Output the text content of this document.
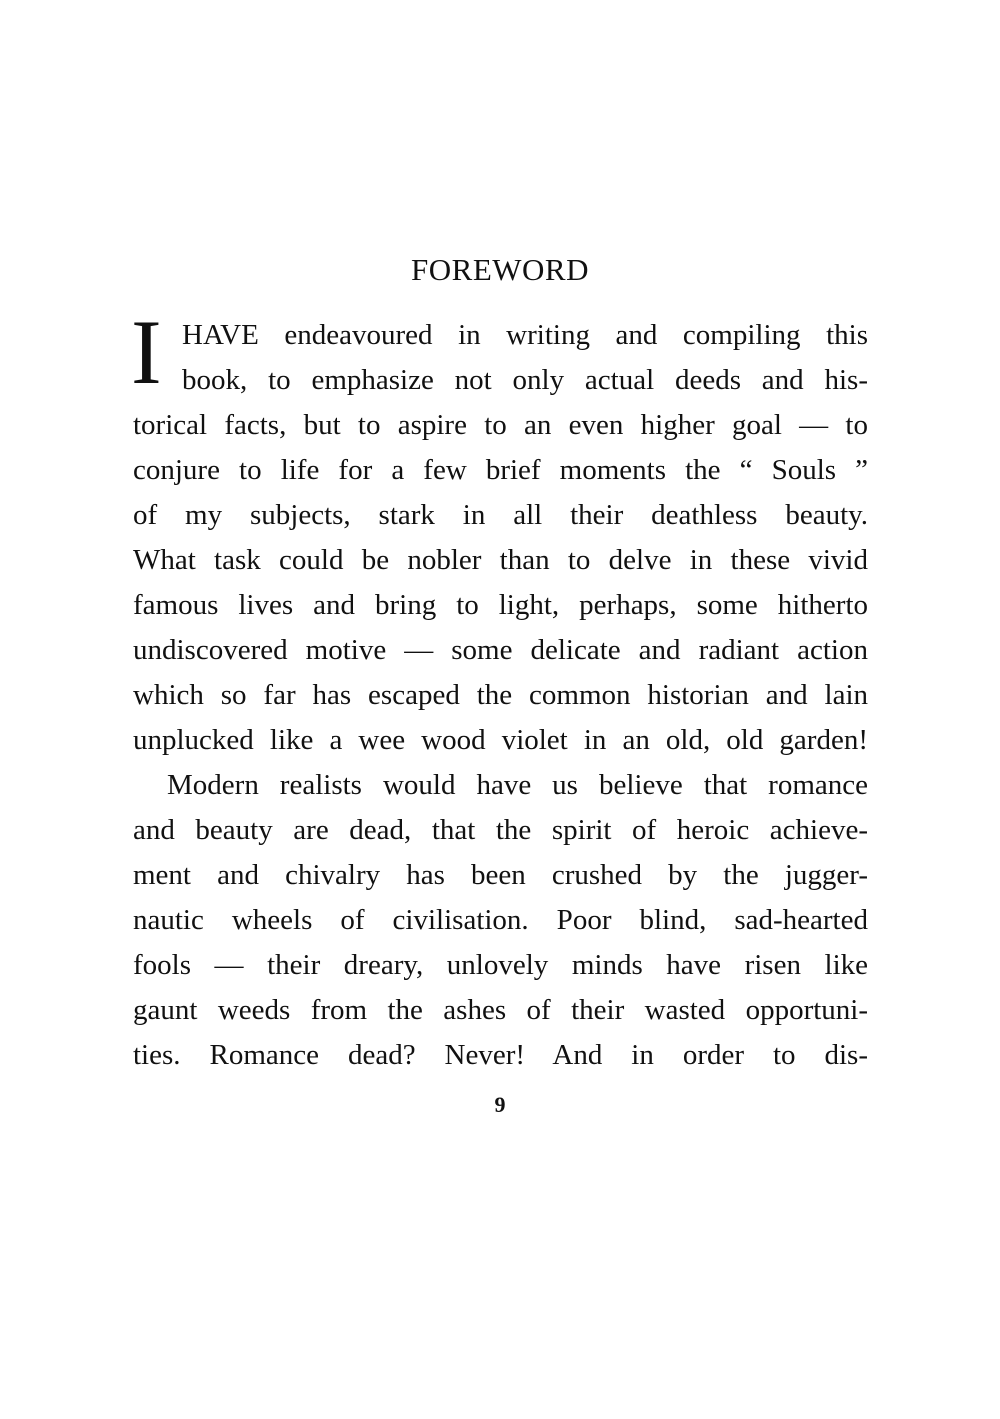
FOREWORD
I HAVE endeavoured in writing and compiling this
book, to emphasize not only actual deeds and his-
torical facts, but to aspire to an even higher goal — to
conjure to life for a few brief moments the “ Souls ”
of my subjects, stark in all their deathless beauty.
What task could be nobler than to delve in these vivid
famous lives and bring to light, perhaps, some hitherto
undiscovered motive — some delicate and radiant action
which so far has escaped the common historian and lain
unplucked like a wee wood violet in an old, old garden!
Modern realists would have us believe that romance
and beauty are dead, that the spirit of heroic achieve-
ment and chivalry has been crushed by the jugger-
nautic wheels of civilisation. Poor blind, sad-hearted
fools — their dreary, unlovely minds have risen like
gaunt weeds from the ashes of their wasted opportuni-
ties. Romance dead? Never! And in order to dis-
9
